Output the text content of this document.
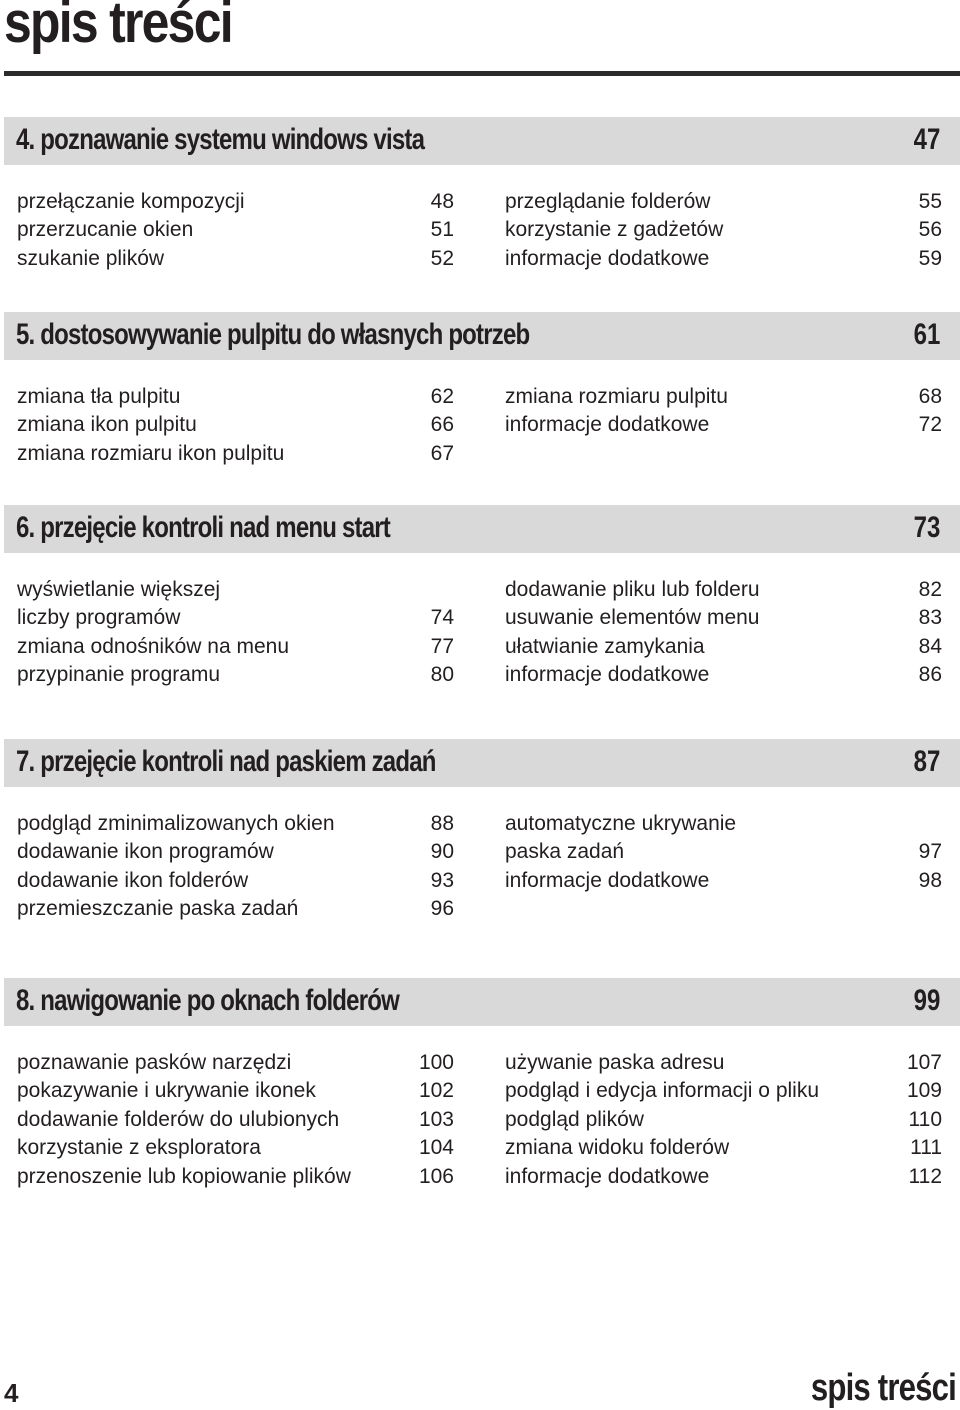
spis treści
4. poznawanie systemu windows vista	47
przełączanie kompozycji	48
przerzucanie okien	51
szukanie plików	52
przeglądanie folderów	55
korzystanie z gadżetów	56
informacje dodatkowe	59
5. dostosowywanie pulpitu do własnych potrzeb	61
zmiana tła pulpitu	62
zmiana ikon pulpitu	66
zmiana rozmiaru ikon pulpitu	67
zmiana rozmiaru pulpitu	68
informacje dodatkowe	72
6. przejęcie kontroli nad menu start	73
wyświetlanie większej
liczby programów	74
zmiana odnośników na menu	77
przypinanie programu	80
dodawanie pliku lub folderu	82
usuwanie elementów menu	83
ułatwianie zamykania	84
informacje dodatkowe	86
7. przejęcie kontroli nad paskiem zadań	87
podgląd zminimalizowanych okien	88
dodawanie ikon programów	90
dodawanie ikon folderów	93
przemieszczanie paska zadań	96
automatyczne ukrywanie
paska zadań	97
informacje dodatkowe	98
8. nawigowanie po oknach folderów	99
poznawanie pasków narzędzi	100
pokazywanie i ukrywanie ikonek	102
dodawanie folderów do ulubionych	103
korzystanie z eksploratora	104
przenoszenie lub kopiowanie plików	106
używanie paska adresu	107
podgląd i edycja informacji o pliku	109
podgląd plików	110
zmiana widoku folderów	111
informacje dodatkowe	112
4	spis treści
